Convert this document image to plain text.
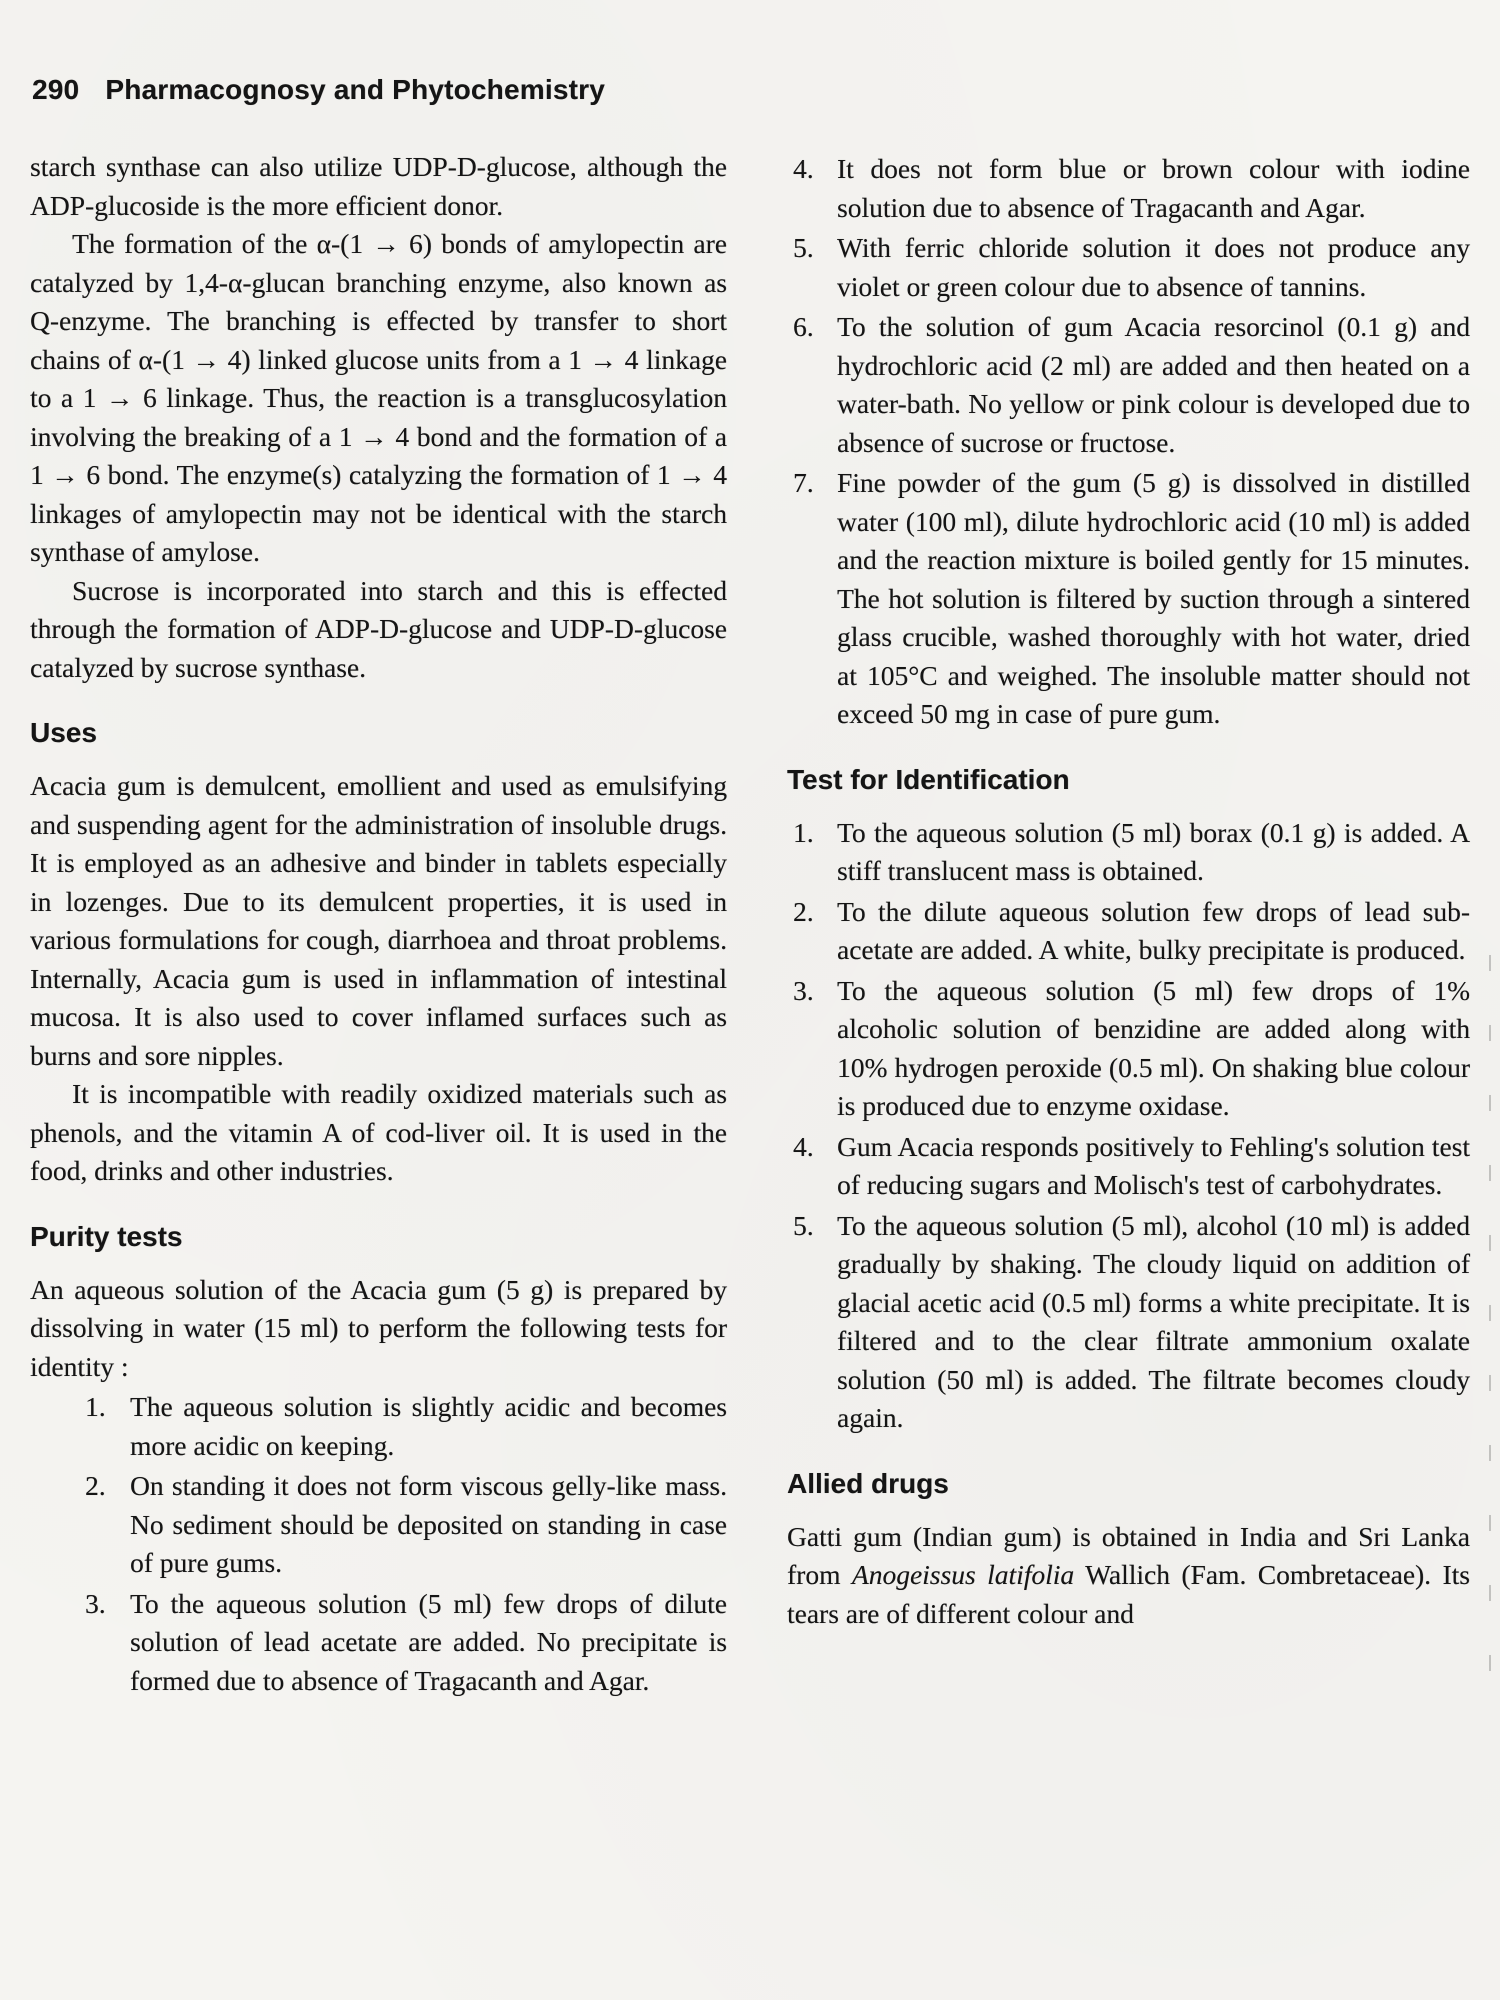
290 Pharmacognosy and Phytochemistry

starch synthase can also utilize UDP-D-glucose, although the ADP-glucoside is the more efficient donor.

The formation of the α-(1 → 6) bonds of amylopectin are catalyzed by 1,4-α-glucan branching enzyme, also known as Q-enzyme. The branching is effected by transfer to short chains of α-(1 → 4) linked glucose units from a 1 → 4 linkage to a 1 → 6 linkage. Thus, the reaction is a transglucosylation involving the breaking of a 1 → 4 bond and the formation of a 1 → 6 bond. The enzyme(s) catalyzing the formation of 1 → 4 linkages of amylopectin may not be identical with the starch synthase of amylose.

Sucrose is incorporated into starch and this is effected through the formation of ADP-D-glucose and UDP-D-glucose catalyzed by sucrose synthase.

Uses

Acacia gum is demulcent, emollient and used as emulsifying and suspending agent for the administration of insoluble drugs. It is employed as an adhesive and binder in tablets especially in lozenges. Due to its demulcent properties, it is used in various formulations for cough, diarrhoea and throat problems. Internally, Acacia gum is used in inflammation of intestinal mucosa. It is also used to cover inflamed surfaces such as burns and sore nipples.

It is incompatible with readily oxidized materials such as phenols, and the vitamin A of cod-liver oil. It is used in the food, drinks and other industries.

Purity tests

An aqueous solution of the Acacia gum (5 g) is prepared by dissolving in water (15 ml) to perform the following tests for identity :

1. The aqueous solution is slightly acidic and becomes more acidic on keeping.
2. On standing it does not form viscous gelly-like mass. No sediment should be deposited on standing in case of pure gums.
3. To the aqueous solution (5 ml) few drops of dilute solution of lead acetate are added. No precipitate is formed due to absence of Tragacanth and Agar.
4. It does not form blue or brown colour with iodine solution due to absence of Tragacanth and Agar.
5. With ferric chloride solution it does not produce any violet or green colour due to absence of tannins.
6. To the solution of gum Acacia resorcinol (0.1 g) and hydrochloric acid (2 ml) are added and then heated on a water-bath. No yellow or pink colour is developed due to absence of sucrose or fructose.
7. Fine powder of the gum (5 g) is dissolved in distilled water (100 ml), dilute hydrochloric acid (10 ml) is added and the reaction mixture is boiled gently for 15 minutes. The hot solution is filtered by suction through a sintered glass crucible, washed thoroughly with hot water, dried at 105°C and weighed. The insoluble matter should not exceed 50 mg in case of pure gum.
Test for Identification
1. To the aqueous solution (5 ml) borax (0.1 g) is added. A stiff translucent mass is obtained.
2. To the dilute aqueous solution few drops of lead sub-acetate are added. A white, bulky precipitate is produced.
3. To the aqueous solution (5 ml) few drops of 1% alcoholic solution of benzidine are added along with 10% hydrogen peroxide (0.5 ml). On shaking blue colour is produced due to enzyme oxidase.
4. Gum Acacia responds positively to Fehling's solution test of reducing sugars and Molisch's test of carbohydrates.
5. To the aqueous solution (5 ml), alcohol (10 ml) is added gradually by shaking. The cloudy liquid on addition of glacial acetic acid (0.5 ml) forms a white precipitate. It is filtered and to the clear filtrate ammonium oxalate solution (50 ml) is added. The filtrate becomes cloudy again.
Allied drugs

Gatti gum (Indian gum) is obtained in India and Sri Lanka from Anogeissus latifolia Wallich (Fam. Combretaceae). Its tears are of different colour and
